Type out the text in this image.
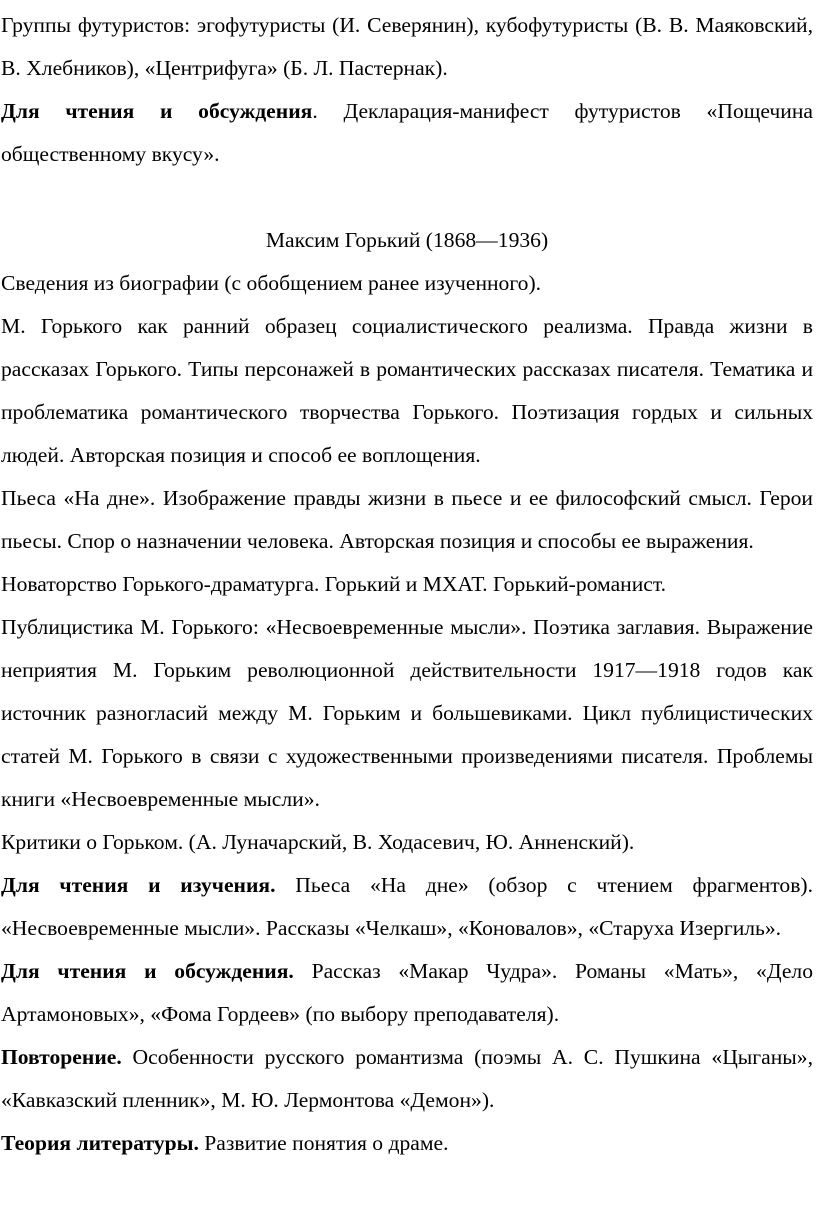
Группы футуристов: эгофутуристы (И. Северянин), кубофутуристы (В. В. Маяковский, В. Хлебников), «Центрифуга» (Б. Л. Пастернак).

Для чтения и обсуждения. Декларация-манифест футуристов «Пощечина общественному вкусу».

Максим Горький (1868—1936)

Сведения из биографии (с обобщением ранее изученного).

М. Горького как ранний образец социалистического реализма. Правда жизни в рассказах Горького. Типы персонажей в романтических рассказах писателя. Тематика и проблематика романтического творчества Горького. Поэтизация гордых и сильных людей. Авторская позиция и способ ее воплощения.

Пьеса «На дне». Изображение правды жизни в пьесе и ее философский смысл. Герои пьесы. Спор о назначении человека. Авторская позиция и способы ее выражения.

Новаторство Горького-драматурга. Горький и МХАТ. Горький-романист.

Публицистика М. Горького: «Несвоевременные мысли». Поэтика заглавия. Выражение неприятия М. Горьким революционной действительности 1917—1918 годов как источник разногласий между М. Горьким и большевиками. Цикл публицистических статей М. Горького в связи с художественными произведениями писателя. Проблемы книги «Несвоевременные мысли».

Критики о Горьком. (А. Луначарский, В. Ходасевич, Ю. Анненский).

Для чтения и изучения. Пьеса «На дне» (обзор с чтением фрагментов). «Несвоевременные мысли». Рассказы «Челкаш», «Коновалов», «Старуха Изергиль».

Для чтения и обсуждения. Рассказ «Макар Чудра». Романы «Мать», «Дело Артамоновых», «Фома Гордеев» (по выбору преподавателя).

Повторение. Особенности русского романтизма (поэмы А. С. Пушкина «Цыганы», «Кавказский пленник», М. Ю. Лермонтова «Демон»).

Теория литературы. Развитие понятия о драме.
